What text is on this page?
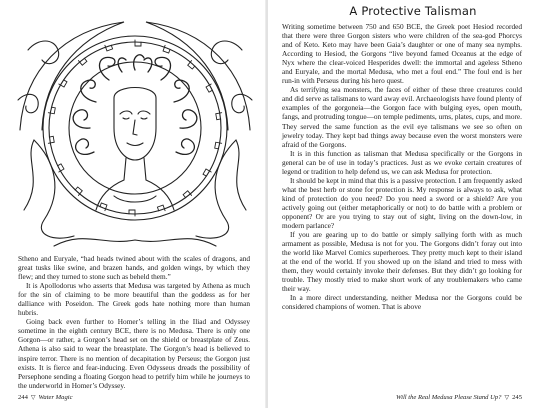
Stheno and Euryale, “had heads twined about with the scales of dragons, and great tusks like swine, and brazen hands, and golden wings, by which they flew; and they turned to stone such as beheld them.”

It is Apollodorus who asserts that Medusa was targeted by Athena as much for the sin of claiming to be more beautiful than the goddess as for her dalliance with Poseidon. The Greek gods hate nothing more than human hubris.

Going back even further to Homer’s telling in the Iliad and Odyssey sometime in the eighth century BCE, there is no Medusa. There is only one Gorgon—or rather, a Gorgon’s head set on the shield or breastplate of Zeus. Athena is also said to wear the breastplate. The Gorgon’s head is believed to inspire terror. There is no mention of decapitation by Perseus; the Gorgon just exists. It is fierce and fear-inducing. Even Odysseus dreads the possibility of Persephone sending a floating Gorgon head to petrify him while he journeys to the underworld in Homer’s Odyssey.

244 ▽ Water Magic
A Protective Talisman

Writing sometime between 750 and 650 BCE, the Greek poet Hesiod recorded that there were three Gorgon sisters who were children of the sea-god Phorcys and of Keto. Keto may have been Gaia’s daughter or one of many sea nymphs. According to Hesiod, the Gorgons “live beyond famed Oceanus at the edge of Nyx where the clear-voiced Hesperides dwell: the immortal and ageless Stheno and Euryale, and the mortal Medusa, who met a foul end.” The foul end is her run-in with Perseus during his hero quest.

As terrifying sea monsters, the faces of either of these three creatures could and did serve as talismans to ward away evil. Archaeologists have found plenty of examples of the gorgoneia—the Gorgon face with bulging eyes, open mouth, fangs, and protruding tongue—on temple pediments, urns, plates, cups, and more. They served the same function as the evil eye talismans we see so often on jewelry today. They kept bad things away because even the worst monsters were afraid of the Gorgons.

It is in this function as talisman that Medusa specifically or the Gorgons in general can be of use in today’s practices. Just as we evoke certain creatures of legend or tradition to help defend us, we can ask Medusa for protection.

It should be kept in mind that this is a passive protection. I am frequently asked what the best herb or stone for protection is. My response is always to ask, what kind of protection do you need? Do you need a sword or a shield? Are you actively going out (either metaphorically or not) to do battle with a problem or opponent? Or are you trying to stay out of sight, living on the down-low, in modern parlance?

If you are gearing up to do battle or simply sallying forth with as much armament as possible, Medusa is not for you. The Gorgons didn’t foray out into the world like Marvel Comics superheroes. They pretty much kept to their island at the end of the world. If you showed up on the island and tried to mess with them, they would certainly invoke their defenses. But they didn’t go looking for trouble. They mostly tried to make short work of any troublemakers who came their way.

In a more direct understanding, neither Medusa nor the Gorgons could be considered champions of women. That is above

Will the Real Medusa Please Stand Up? ▽ 245
